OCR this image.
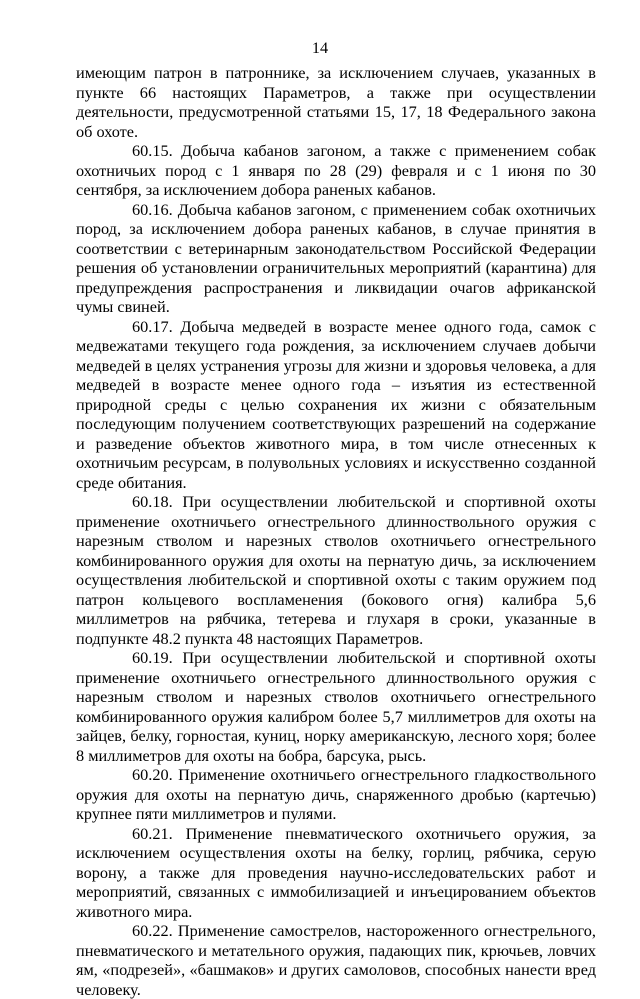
14

имеющим патрон в патроннике, за исключением случаев, указанных в пункте 66 настоящих Параметров, а также при осуществлении деятельности, предусмотренной статьями 15, 17, 18 Федерального закона об охоте.

60.15. Добыча кабанов загоном, а также с применением собак охотничьих пород с 1 января по 28 (29) февраля и с 1 июня по 30 сентября, за исключением добора раненых кабанов.

60.16. Добыча кабанов загоном, с применением собак охотничьих пород, за исключением добора раненых кабанов, в случае принятия в соответствии с ветеринарным законодательством Российской Федерации решения об установлении ограничительных мероприятий (карантина) для предупреждения распространения и ликвидации очагов африканской чумы свиней.

60.17. Добыча медведей в возрасте менее одного года, самок с медвежатами текущего года рождения, за исключением случаев добычи медведей в целях устранения угрозы для жизни и здоровья человека, а для медведей в возрасте менее одного года – изъятия из естественной природной среды с целью сохранения их жизни с обязательным последующим получением соответствующих разрешений на содержание и разведение объектов животного мира, в том числе отнесенных к охотничьим ресурсам, в полувольных условиях и искусственно созданной среде обитания.

60.18. При осуществлении любительской и спортивной охоты применение охотничьего огнестрельного длинноствольного оружия с нарезным стволом и нарезных стволов охотничьего огнестрельного комбинированного оружия для охоты на пернатую дичь, за исключением осуществления любительской и спортивной охоты с таким оружием под патрон кольцевого воспламенения (бокового огня) калибра 5,6 миллиметров на рябчика, тетерева и глухаря в сроки, указанные в подпункте 48.2 пункта 48 настоящих Параметров.

60.19. При осуществлении любительской и спортивной охоты применение охотничьего огнестрельного длинноствольного оружия с нарезным стволом и нарезных стволов охотничьего огнестрельного комбинированного оружия калибром более 5,7 миллиметров для охоты на зайцев, белку, горностая, куниц, норку американскую, лесного хоря; более 8 миллиметров для охоты на бобра, барсука, рысь.

60.20. Применение охотничьего огнестрельного гладкоствольного оружия для охоты на пернатую дичь, снаряженного дробью (картечью) крупнее пяти миллиметров и пулями.

60.21. Применение пневматического охотничьего оружия, за исключением осуществления охоты на белку, горлиц, рябчика, серую ворону, а также для проведения научно-исследовательских работ и мероприятий, связанных с иммобилизацией и инъецированием объектов животного мира.

60.22. Применение самострелов, настороженного огнестрельного, пневматического и метательного оружия, падающих пик, крючьев, ловчих ям, «подрезей», «башмаков» и других самоловов, способных нанести вред человеку.
